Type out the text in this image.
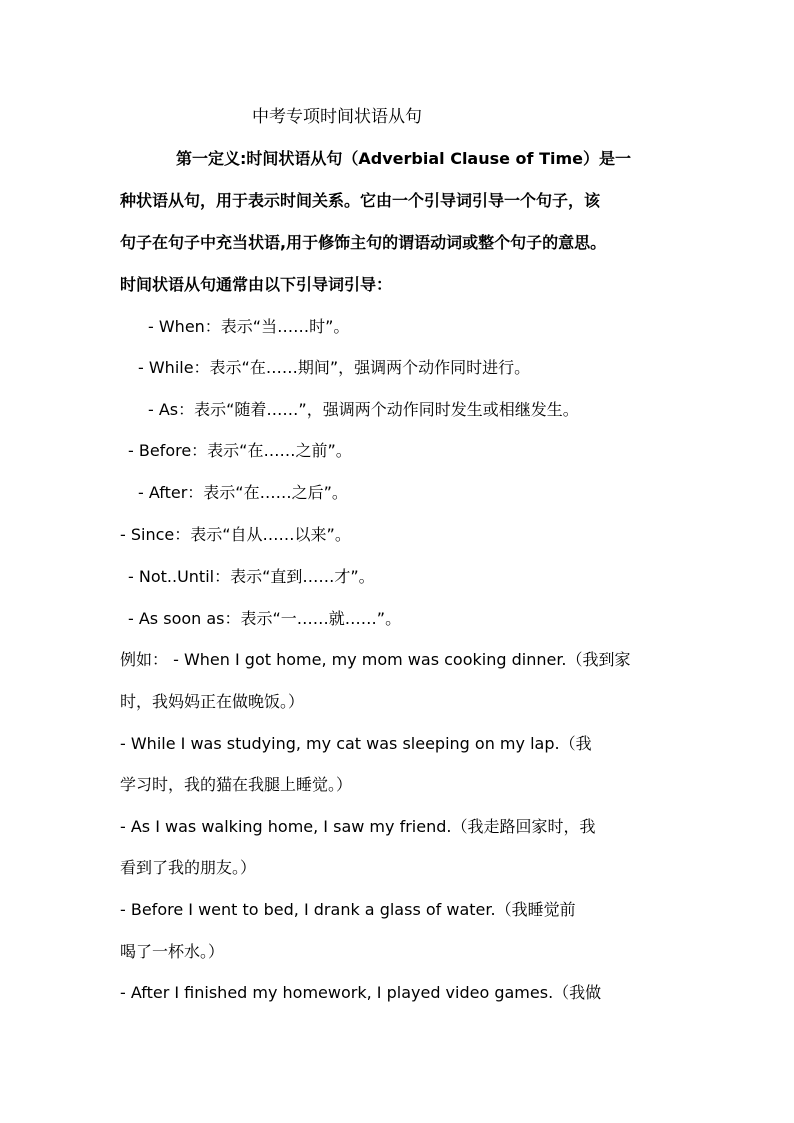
中考专项时间状语从句
第一定义:时间状语从句（Adverbial Clause of Time）是一
种状语从句，用于表示时间关系。它由一个引导词引导一个句子，该
句子在句子中充当状语,用于修饰主句的谓语动词或整个句子的意思。
时间状语从句通常由以下引导词引导：
- When：表示“当……时”。
- While：表示“在……期间”，强调两个动作同时进行。
- As：表示“随着……”，强调两个动作同时发生或相继发生。
- Before：表示“在……之前”。
- After：表示“在……之后”。
- Since：表示“自从……以来”。
- Not..Until：表示“直到……才”。
- As soon as：表示“一……就……”。
例如： - When I got home, my mom was cooking dinner.（我到家
时，我妈妈正在做晚饭。）
- While I was studying, my cat was sleeping on my lap.（我
学习时，我的猫在我腿上睡觉。）
- As I was walking home, I saw my friend.（我走路回家时，我
看到了我的朋友。）
- Before I went to bed, I drank a glass of water.（我睡觉前
喝了一杯水。）
- After I finished my homework, I played video games.（我做
